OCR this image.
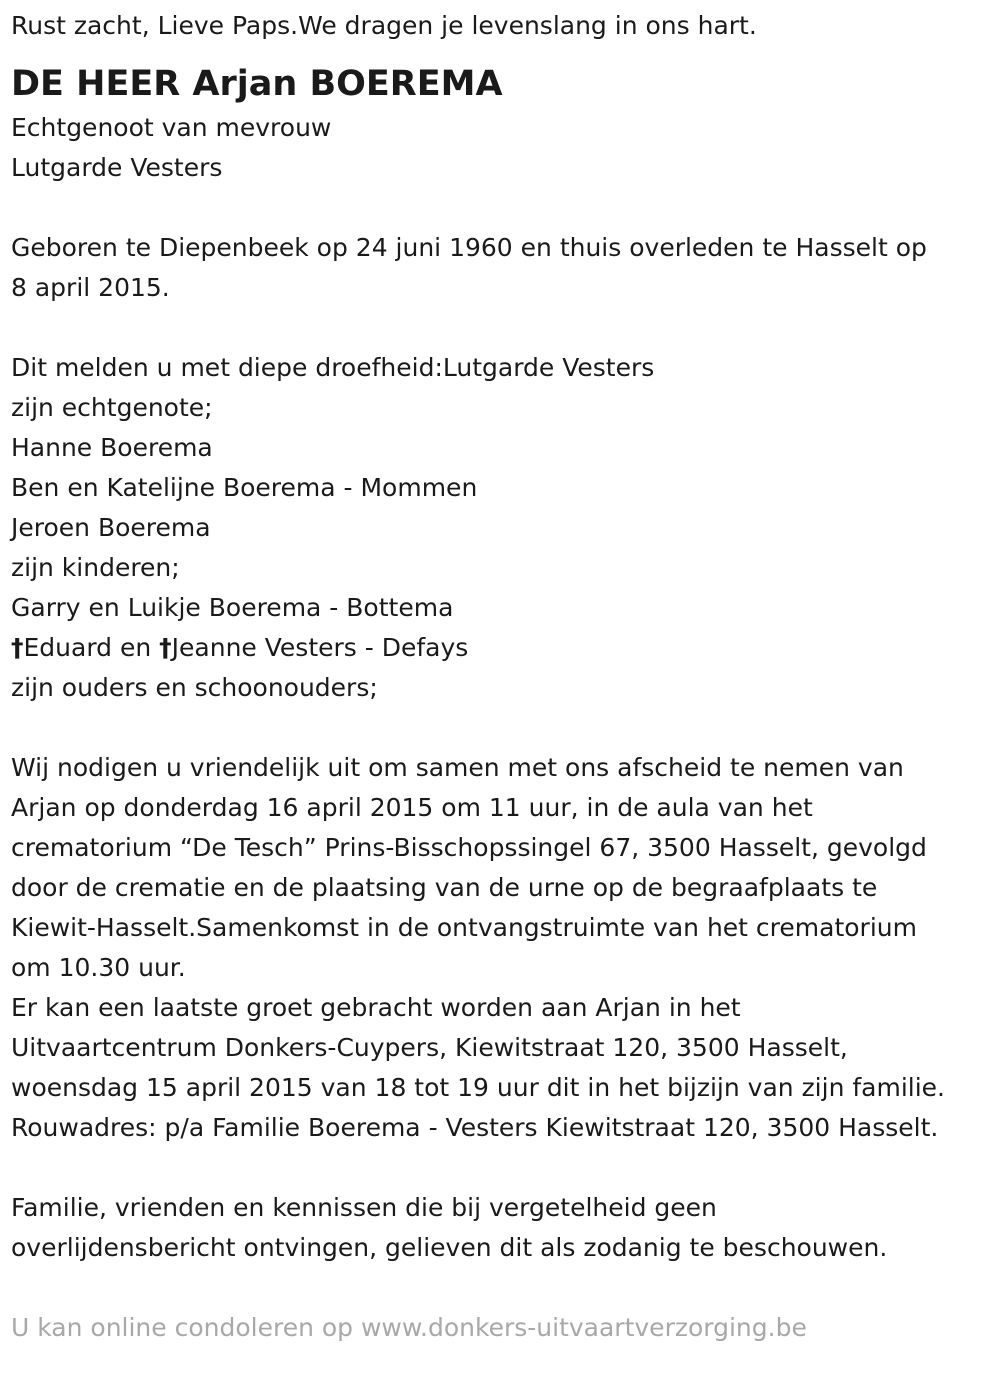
Rust zacht, Lieve Paps.We dragen je levenslang in ons hart.

DE HEER Arjan BOEREMA

Echtgenoot van mevrouw

Lutgarde Vesters

Geboren te Diepenbeek op 24 juni 1960 en thuis overleden te Hasselt op

8 april 2015.

Dit melden u met diepe droefheid:Lutgarde Vesters

zijn echtgenote;

Hanne Boerema

Ben en Katelijne Boerema - Mommen

Jeroen Boerema

zijn kinderen;

Garry en Luikje Boerema - Bottema

†Eduard en †Jeanne Vesters - Defays

zijn ouders en schoonouders;

Wij nodigen u vriendelijk uit om samen met ons afscheid te nemen van

Arjan op donderdag 16 april 2015 om 11 uur, in de aula van het

crematorium “De Tesch” Prins-Bisschopssingel 67, 3500 Hasselt, gevolgd

door de crematie en de plaatsing van de urne op de begraafplaats te

Kiewit-Hasselt.Samenkomst in de ontvangstruimte van het crematorium

om 10.30 uur.

Er kan een laatste groet gebracht worden aan Arjan in het

Uitvaartcentrum Donkers-Cuypers, Kiewitstraat 120, 3500 Hasselt,

woensdag 15 april 2015 van 18 tot 19 uur dit in het bijzijn van zijn familie.

Rouwadres: p/a Familie Boerema - Vesters Kiewitstraat 120, 3500 Hasselt.

Familie, vrienden en kennissen die bij vergetelheid geen

overlijdensbericht ontvingen, gelieven dit als zodanig te beschouwen.

U kan online condoleren op www.donkers-uitvaartverzorging.be
